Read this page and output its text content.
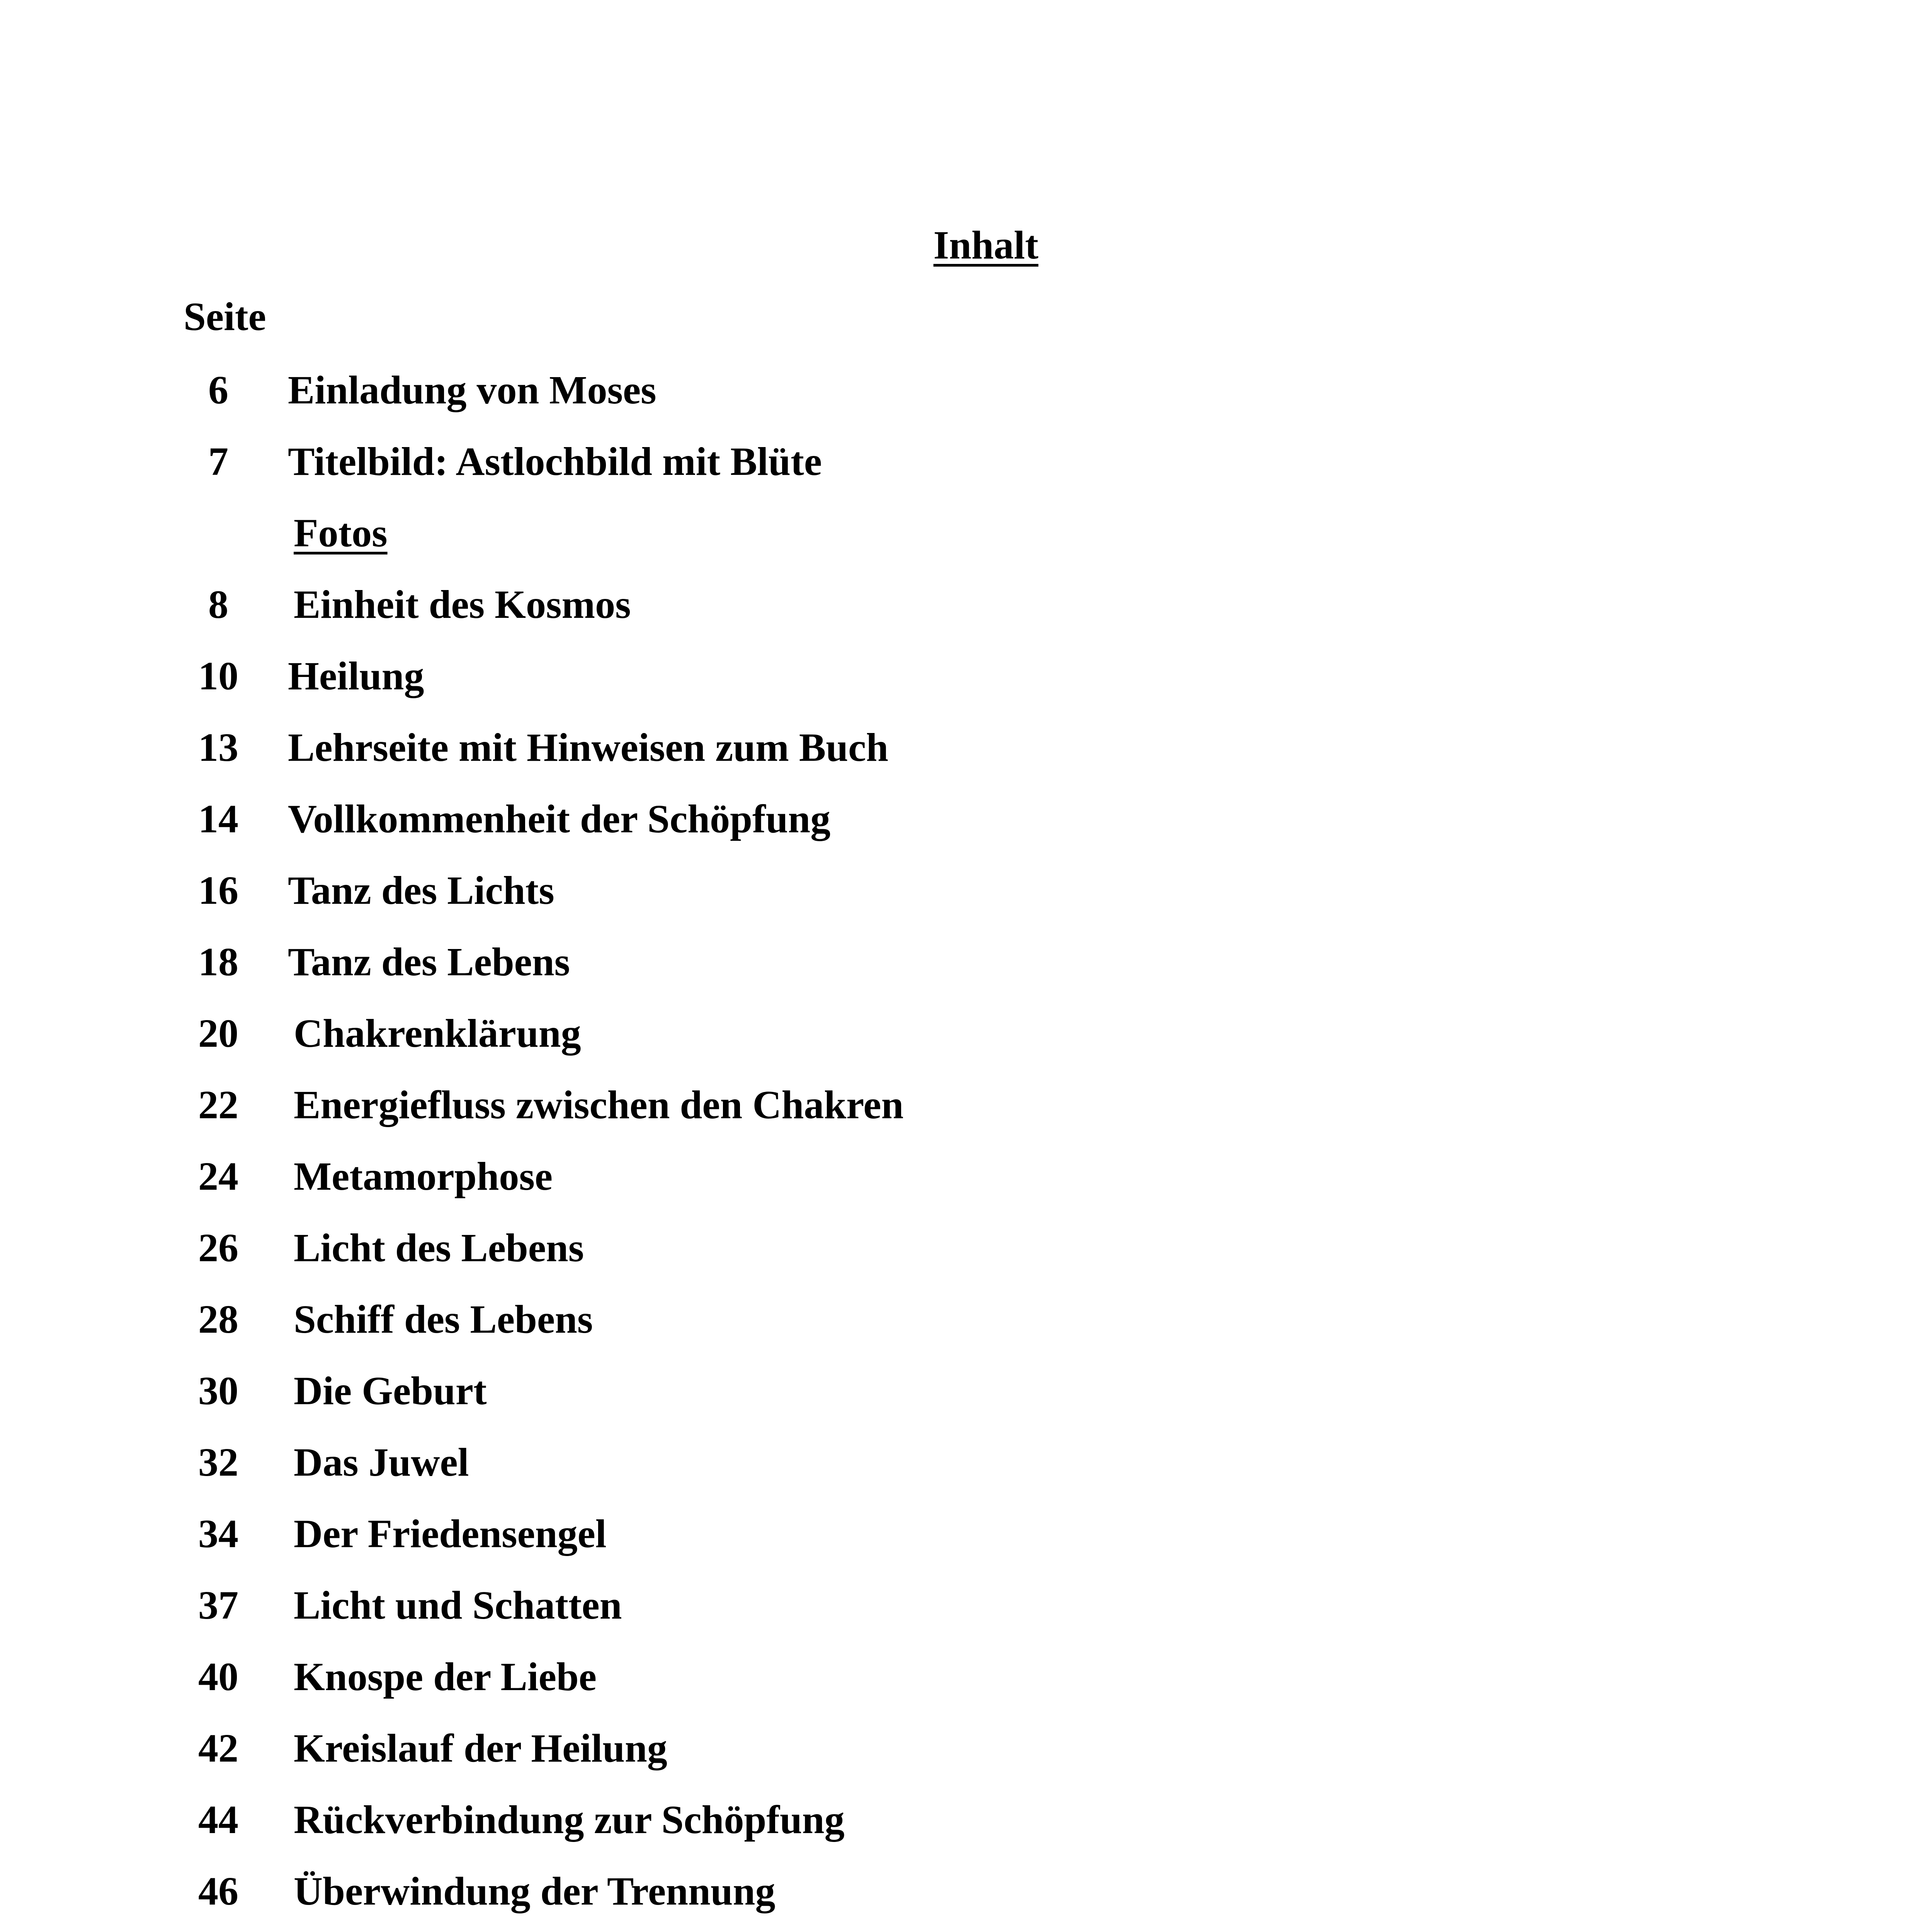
Inhalt
Seite
6	Einladung von Moses
7	Titelbild: Astlochbild mit Blüte
Fotos
8	Einheit des Kosmos
10	Heilung
13	Lehrseite mit Hinweisen zum Buch
14	Vollkommenheit der Schöpfung
16	Tanz des Lichts
18	Tanz des Lebens
20	Chakrenklärung
22	Energiefluss zwischen den Chakren
24	Metamorphose
26	Licht des Lebens
28	Schiff des Lebens
30	Die Geburt
32	Das Juwel
34	Der Friedensengel
37	Licht und Schatten
40	Knospe der Liebe
42	Kreislauf der Heilung
44	Rückverbindung zur Schöpfung
46	Überwindung der Trennung
